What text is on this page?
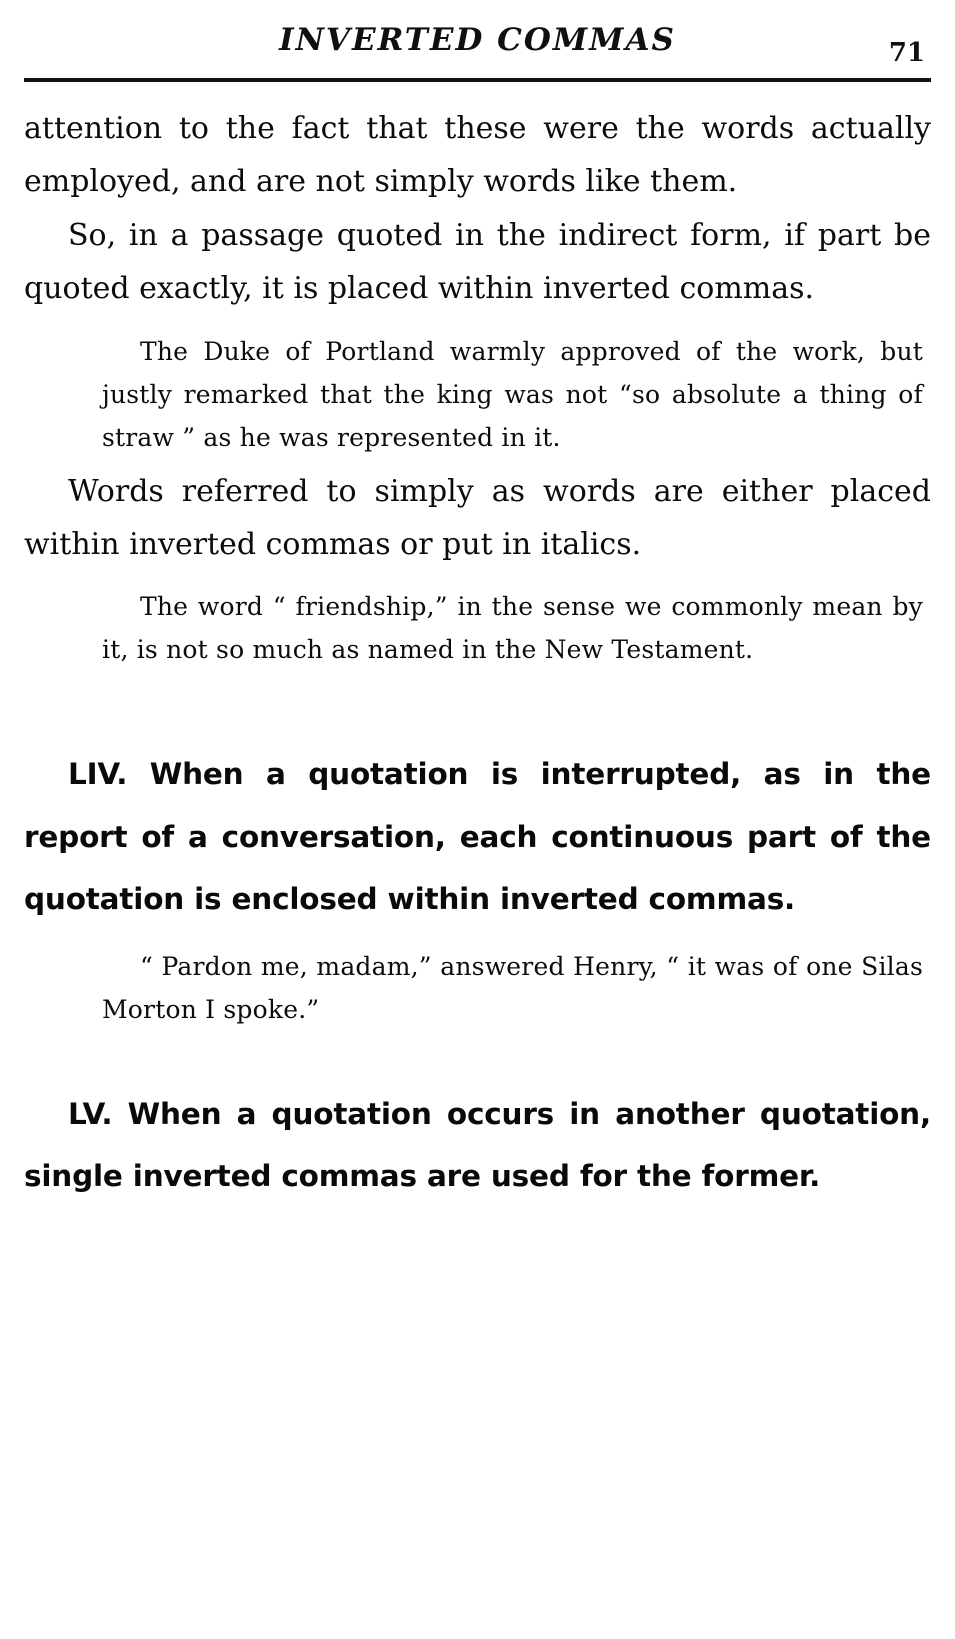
INVERTED COMMAS	71

attention to the fact that these were the words actually employed, and are not simply words like them.

So, in a passage quoted in the indirect form, if part be quoted exactly, it is placed within inverted commas.

The Duke of Portland warmly approved of the work, but justly remarked that the king was not “so absolute a thing of straw ” as he was represented in it.

Words referred to simply as words are either placed within inverted commas or put in italics.

The word “ friendship,” in the sense we commonly mean by it, is not so much as named in the New Testament.

LIV. When a quotation is interrupted, as in the report of a conversation, each continuous part of the quotation is enclosed within inverted commas.

“ Pardon me, madam,” answered Henry, “ it was of one Silas Morton I spoke.”

LV. When a quotation occurs in another quotation, single inverted commas are used for the former.
